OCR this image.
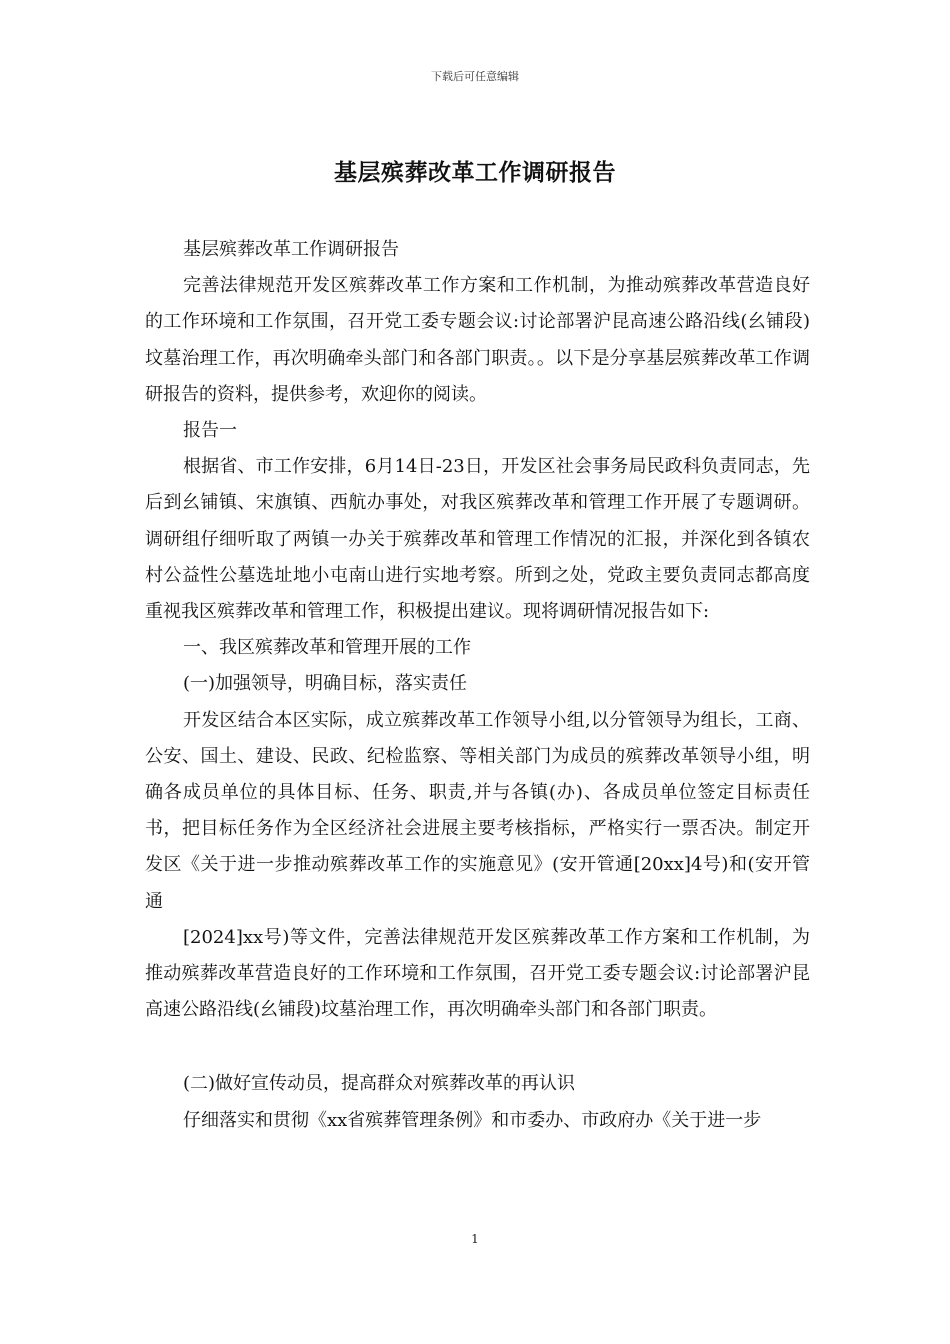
下载后可任意编辑
基层殡葬改革工作调研报告

基层殡葬改革工作调研报告

完善法律规范开发区殡葬改革工作方案和工作机制，为推动殡葬改革营造良好的工作环境和工作氛围，召开党工委专题会议:讨论部署沪昆高速公路沿线(幺铺段)坟墓治理工作，再次明确牵头部门和各部门职责。。以下是分享基层殡葬改革工作调研报告的资料，提供参考，欢迎你的阅读。

报告一

根据省、市工作安排，6月14日-23日，开发区社会事务局民政科负责同志，先后到幺铺镇、宋旗镇、西航办事处，对我区殡葬改革和管理工作开展了专题调研。调研组仔细听取了两镇一办关于殡葬改革和管理工作情况的汇报，并深化到各镇农村公益性公墓选址地小屯南山进行实地考察。所到之处，党政主要负责同志都高度重视我区殡葬改革和管理工作，积极提出建议。现将调研情况报告如下:

一、我区殡葬改革和管理开展的工作

(一)加强领导，明确目标，落实责任

开发区结合本区实际，成立殡葬改革工作领导小组,以分管领导为组长，工商、公安、国土、建设、民政、纪检监察、等相关部门为成员的殡葬改革领导小组，明确各成员单位的具体目标、任务、职责,并与各镇(办)、各成员单位签定目标责任书，把目标任务作为全区经济社会进展主要考核指标，严格实行一票否决。制定开发区《关于进一步推动殡葬改革工作的实施意见》(安开管通[20xx]4号)和(安开管通

[2024]xx号)等文件，完善法律规范开发区殡葬改革工作方案和工作机制，为推动殡葬改革营造良好的工作环境和工作氛围，召开党工委专题会议:讨论部署沪昆高速公路沿线(幺铺段)坟墓治理工作，再次明确牵头部门和各部门职责。

(二)做好宣传动员，提高群众对殡葬改革的再认识

仔细落实和贯彻《xx省殡葬管理条例》和市委办、市政府办《关于进一步

1
